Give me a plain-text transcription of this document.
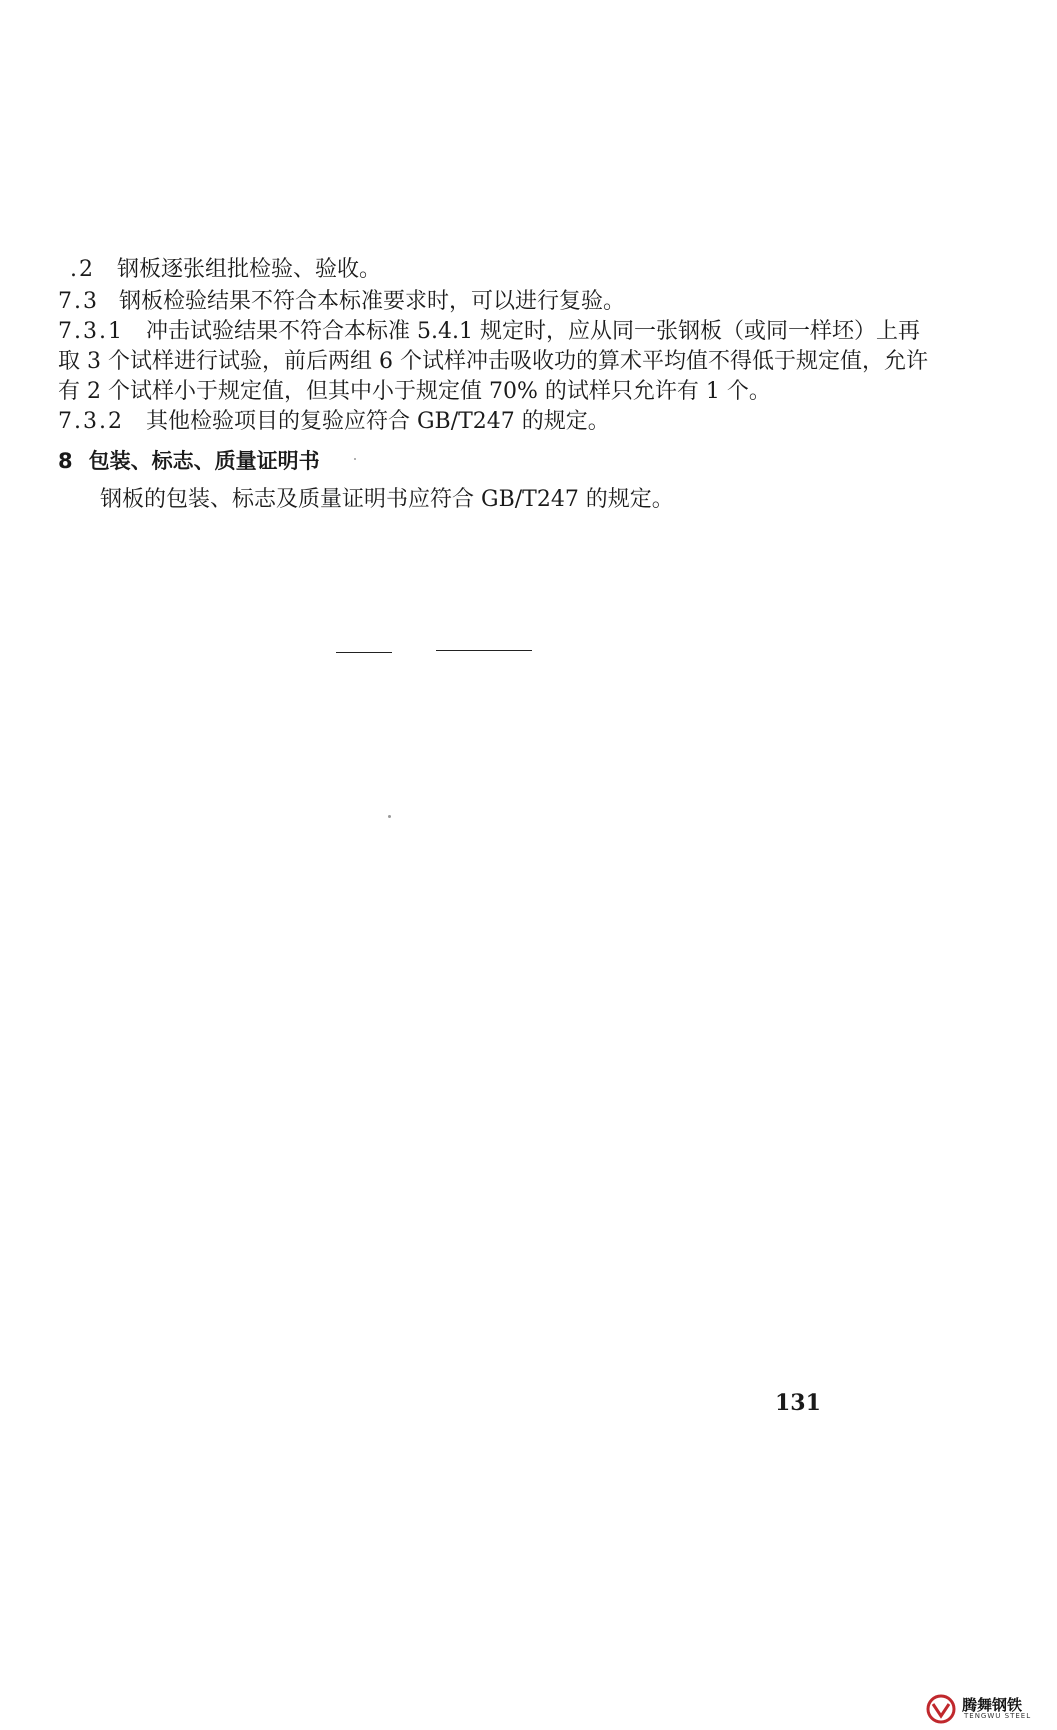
.2 钢板逐张组批检验、验收。
7.3 钢板检验结果不符合本标准要求时，可以进行复验。
7.3.1 冲击试验结果不符合本标准 5.4.1 规定时，应从同一张钢板（或同一样坯）上再
取 3 个试样进行试验，前后两组 6 个试样冲击吸收功的算术平均值不得低于规定值，允许
有 2 个试样小于规定值，但其中小于规定值 70% 的试样只允许有 1 个。
7.3.2 其他检验项目的复验应符合 GB/T247 的规定。
8 包装、标志、质量证明书
钢板的包装、标志及质量证明书应符合 GB/T247 的规定。
131
腾舞钢铁
TENGWU STEEL
